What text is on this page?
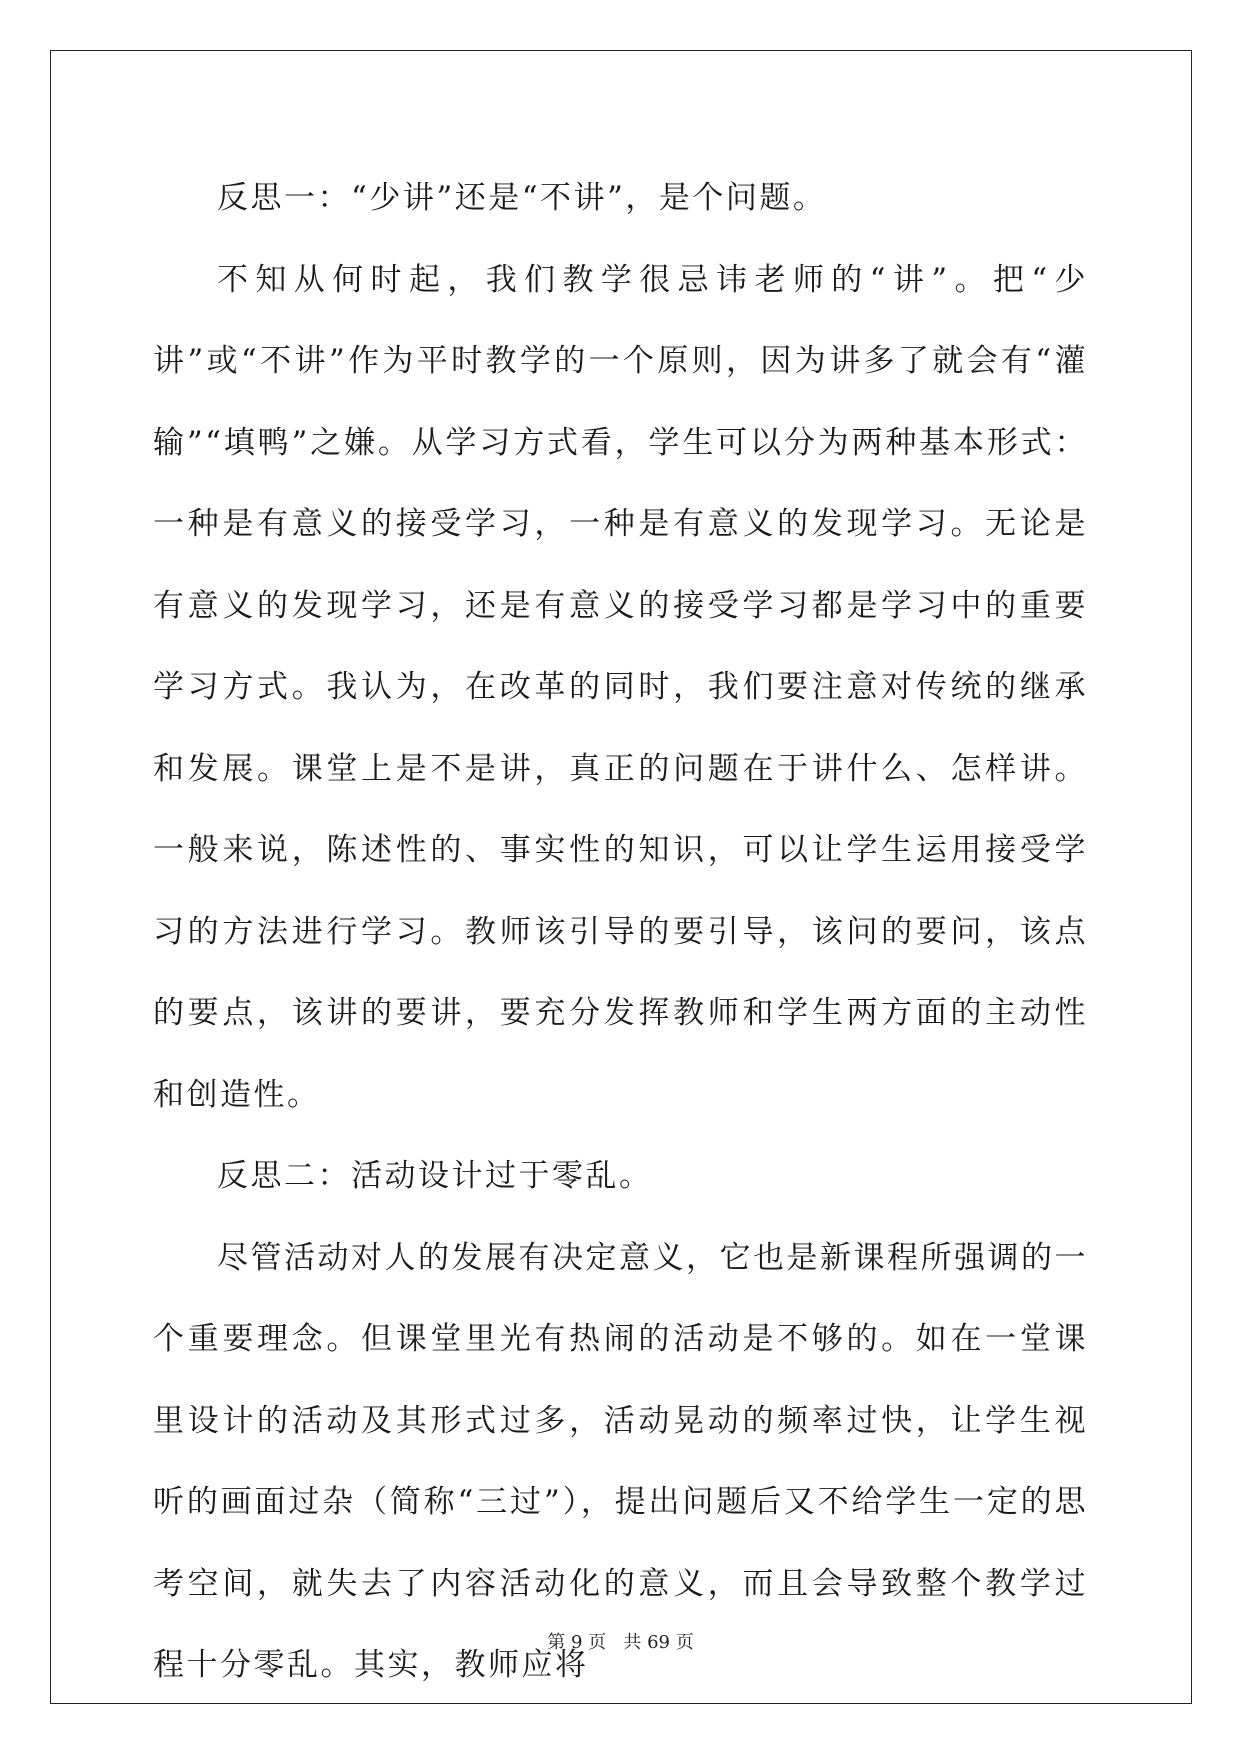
反思一：“少讲”还是“不讲”，是个问题。

不知从何时起，我们教学很忌讳老师的“讲”。把“少讲”或“不讲”作为平时教学的一个原则，因为讲多了就会有“灌输”“填鸭”之嫌。从学习方式看，学生可以分为两种基本形式：一种是有意义的接受学习，一种是有意义的发现学习。无论是有意义的发现学习，还是有意义的接受学习都是学习中的重要学习方式。我认为，在改革的同时，我们要注意对传统的继承和发展。课堂上是不是讲，真正的问题在于讲什么、怎样讲。一般来说，陈述性的、事实性的知识，可以让学生运用接受学习的方法进行学习。教师该引导的要引导，该问的要问，该点的要点，该讲的要讲，要充分发挥教师和学生两方面的主动性和创造性。

反思二：活动设计过于零乱。

尽管活动对人的发展有决定意义，它也是新课程所强调的一个重要理念。但课堂里光有热闹的活动是不够的。如在一堂课里设计的活动及其形式过多，活动晃动的频率过快，让学生视听的画面过杂（简称“三过”），提出问题后又不给学生一定的思考空间，就失去了内容活动化的意义，而且会导致整个教学过程十分零乱。其实，教师应将

第 9 页 共 69 页
